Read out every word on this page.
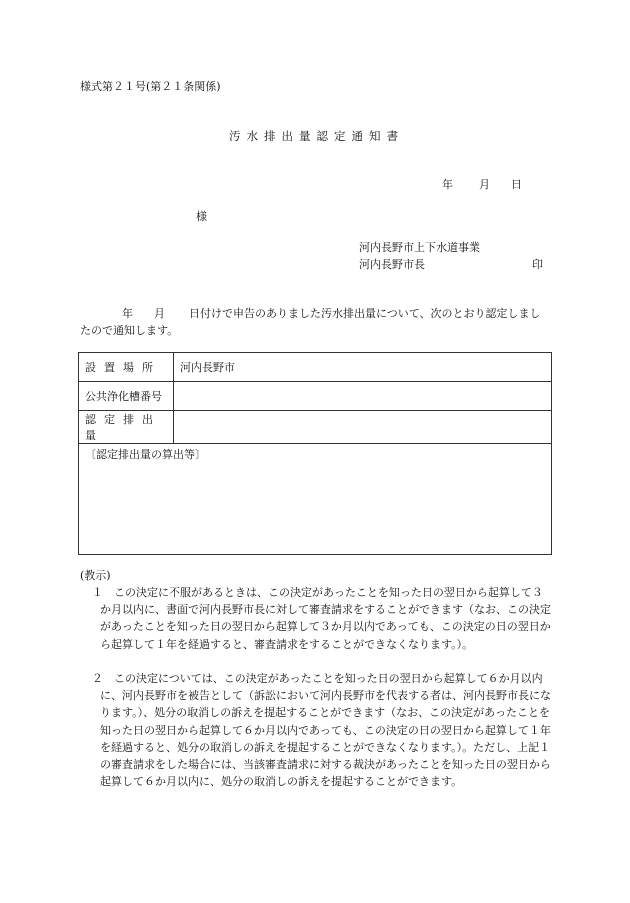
様式第２１号(第２１条関係)
汚水排出量認定通知書
年 月 日
様
河内長野市上下水道事業
河内長野市長	印
年 月 日付けで申告のありました汚水排出量について、次のとおり認定しましたので通知します。
設置場所	河内長野市
公共浄化槽番号	
認定排出量	
〔認定排出量の算出等〕	
(教示)
１	この決定に不服があるときは、この決定があったことを知った日の翌日から起算して３か月以内に、書面で河内長野市長に対して審査請求をすることができます（なお、この決定があったことを知った日の翌日から起算して３か月以内であっても、この決定の日の翌日から起算して１年を経過すると、審査請求をすることができなくなります。）。
２	この決定については、この決定があったことを知った日の翌日から起算して６か月以内に、河内長野市を被告として（訴訟において河内長野市を代表する者は、河内長野市長になります。）、処分の取消しの訴えを提起することができます（なお、この決定があったことを知った日の翌日から起算して６か月以内であっても、この決定の日の翌日から起算して１年を経過すると、処分の取消しの訴えを提起することができなくなります。）。ただし、上記１の審査請求をした場合には、当該審査請求に対する裁決があったことを知った日の翌日から起算して６か月以内に、処分の取消しの訴えを提起することができます。
